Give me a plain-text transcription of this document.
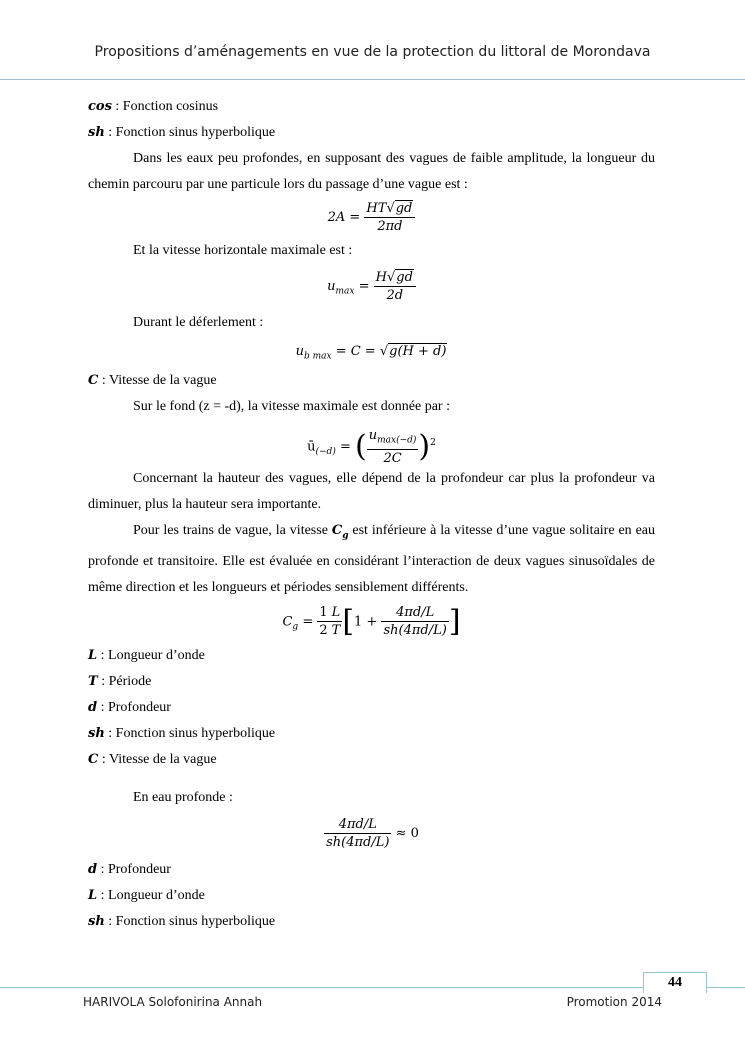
Propositions d’aménagements en vue de la protection du littoral de Morondava

cos : Fonction cosinus

sh : Fonction sinus hyperbolique

Dans les eaux peu profondes, en supposant des vagues de faible amplitude, la longueur du chemin parcouru par une particule lors du passage d’une vague est :

$2A = \frac{HT√gd}{2\pi d}$

Et la vitesse horizontale maximale est :

$u_{max} = \frac{H√gd}{2d}$

Durant le déferlement :

$u_{b max} = C = √g(H + d)$

C : Vitesse de la vague

Sur le fond (z = -d), la vitesse maximale est donnée par :

$ū_{(-d)}$ = ( $\frac{u_{max(-d)}}{2C} )^2$

Concernant la hauteur des vagues, elle dépend de la profondeur car plus la profondeur va diminuer, plus la hauteur sera importante.

Pour les trains de vague, la vitesse $C_g$ est inférieure à la vitesse d’une vague solitaire en eau profonde et transitoire. Elle est évaluée en considérant l’interaction de deux vagues sinusoïdales de même direction et les longueurs et périodes sensiblement différents.

$C_g = \frac{1}{2} \frac{L}{T} [1 + \frac{4\pi d/L}{sh(4\pi d/L)}$ ]

L : Longueur d’onde

T : Période

d : Profondeur

sh : Fonction sinus hyperbolique

C : Vitesse de la vague

En eau profonde :

$\frac{4\pi d/L}{sh(4\pi d/L)} \approx 0$

d : Profondeur

L : Longueur d’onde

sh : Fonction sinus hyperbolique

44
HARIVOLA Solofonirina Annah	Promotion 2014
